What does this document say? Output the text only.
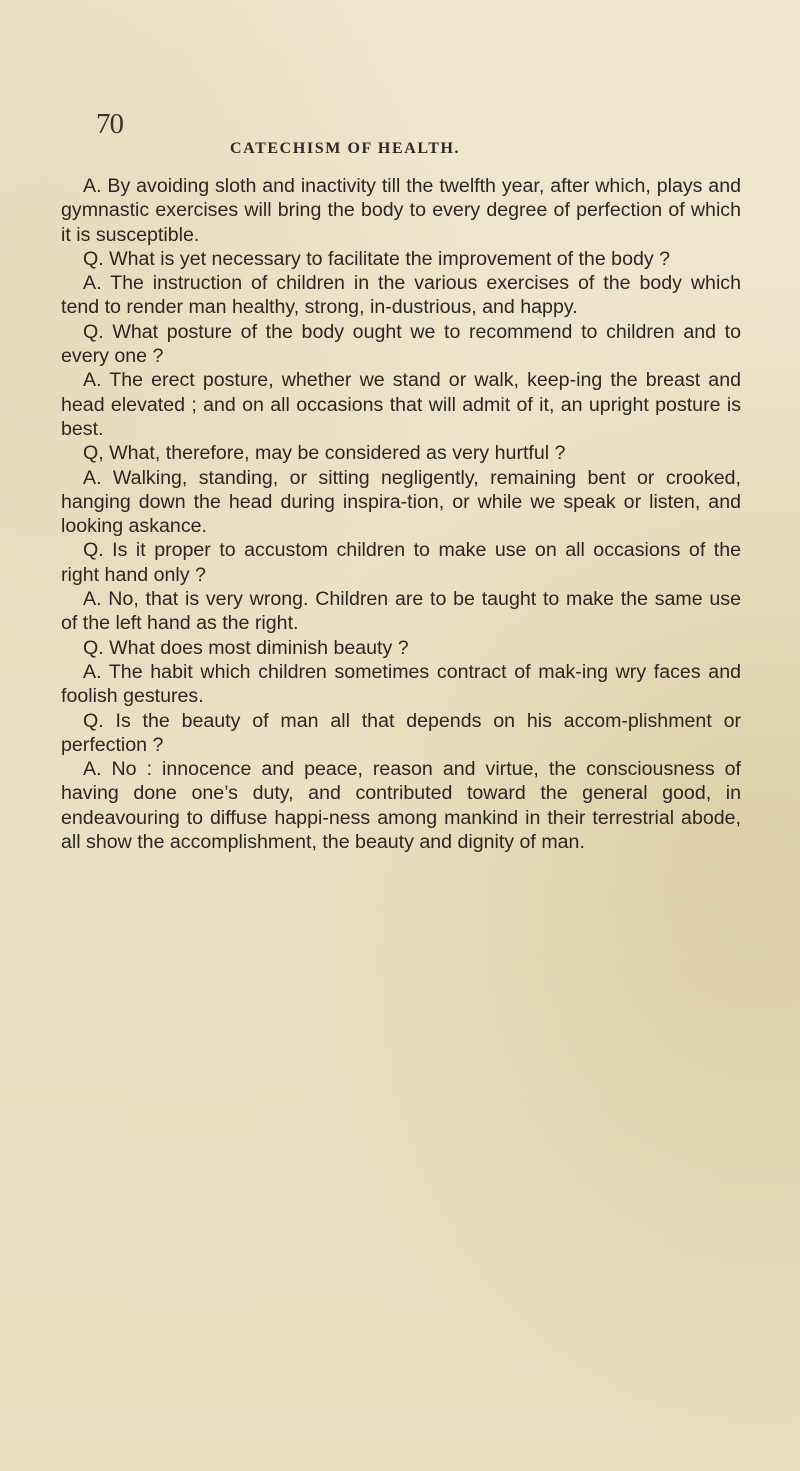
70
CATECHISM OF HEALTH.

A. By avoiding sloth and inactivity till the twelfth year, after which, plays and gymnastic exercises will bring the body to every degree of perfection of which it is susceptible.

Q. What is yet necessary to facilitate the improvement of the body ?

A. The instruction of children in the various exercises of the body which tend to render man healthy, strong, in-dustrious, and happy.

Q. What posture of the body ought we to recommend to children and to every one ?

A. The erect posture, whether we stand or walk, keep-ing the breast and head elevated ; and on all occasions that will admit of it, an upright posture is best.

Q, What, therefore, may be considered as very hurtful ?

A. Walking, standing, or sitting negligently, remaining bent or crooked, hanging down the head during inspira-tion, or while we speak or listen, and looking askance.

Q. Is it proper to accustom children to make use on all occasions of the right hand only ?

A. No, that is very wrong. Children are to be taught to make the same use of the left hand as the right.

Q. What does most diminish beauty ?

A. The habit which children sometimes contract of mak-ing wry faces and foolish gestures.

Q. Is the beauty of man all that depends on his accom-plishment or perfection ?

A. No : innocence and peace, reason and virtue, the consciousness of having done one’s duty, and contributed toward the general good, in endeavouring to diffuse happi-ness among mankind in their terrestrial abode, all show the accomplishment, the beauty and dignity of man.
